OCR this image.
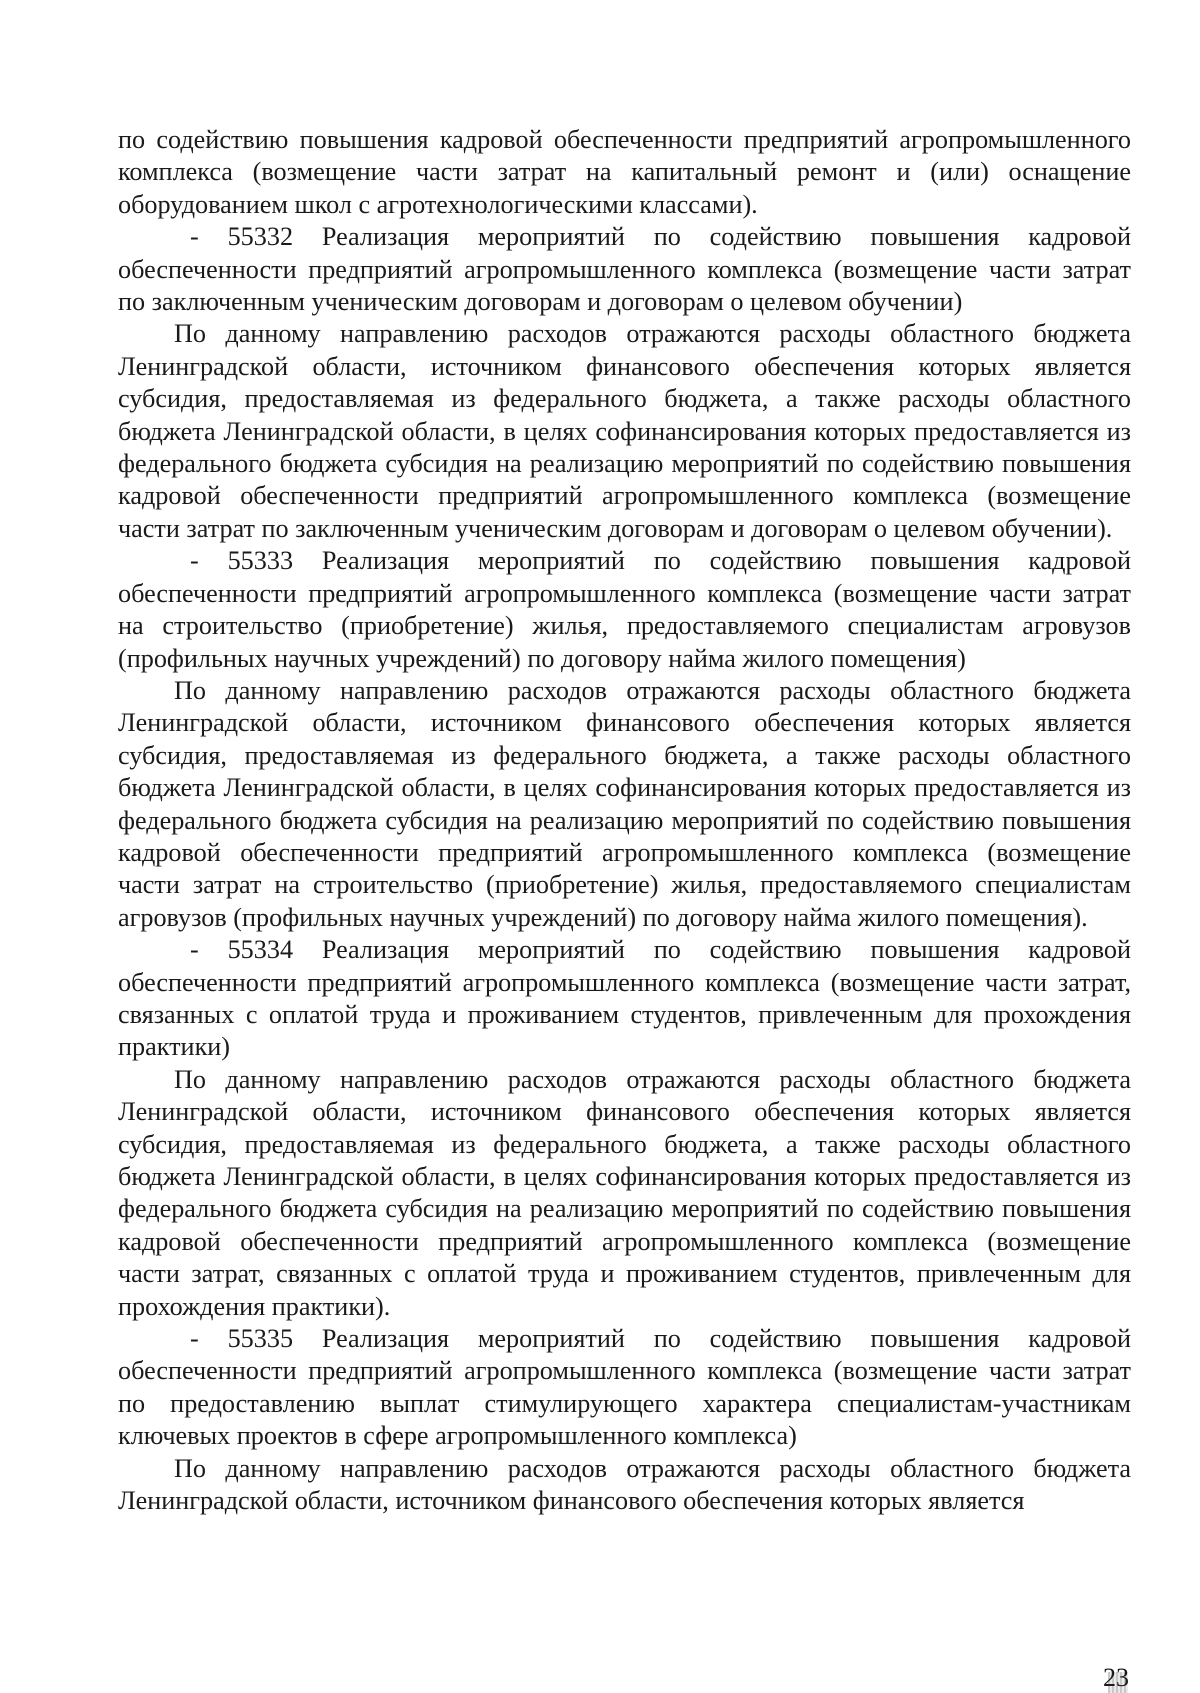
по содействию повышения кадровой обеспеченности предприятий агропромышленного комплекса (возмещение части затрат на капитальный ремонт и (или) оснащение оборудованием школ с агротехнологическими классами).

- 55332 Реализация мероприятий по содействию повышения кадровой обеспеченности предприятий агропромышленного комплекса (возмещение части затрат по заключенным ученическим договорам и договорам о целевом обучении)

По данному направлению расходов отражаются расходы областного бюджета Ленинградской области, источником финансового обеспечения которых является субсидия, предоставляемая из федерального бюджета, а также расходы областного бюджета Ленинградской области, в целях софинансирования которых предоставляется из федерального бюджета субсидия на реализацию мероприятий по содействию повышения кадровой обеспеченности предприятий агропромышленного комплекса (возмещение части затрат по заключенным ученическим договорам и договорам о целевом обучении).

- 55333 Реализация мероприятий по содействию повышения кадровой обеспеченности предприятий агропромышленного комплекса (возмещение части затрат на строительство (приобретение) жилья, предоставляемого специалистам агровузов (профильных научных учреждений) по договору найма жилого помещения)

По данному направлению расходов отражаются расходы областного бюджета Ленинградской области, источником финансового обеспечения которых является субсидия, предоставляемая из федерального бюджета, а также расходы областного бюджета Ленинградской области, в целях софинансирования которых предоставляется из федерального бюджета субсидия на реализацию мероприятий по содействию повышения кадровой обеспеченности предприятий агропромышленного комплекса (возмещение части затрат на строительство (приобретение) жилья, предоставляемого специалистам агровузов (профильных научных учреждений) по договору найма жилого помещения).

- 55334 Реализация мероприятий по содействию повышения кадровой обеспеченности предприятий агропромышленного комплекса (возмещение части затрат, связанных с оплатой труда и проживанием студентов, привлеченным для прохождения практики)

По данному направлению расходов отражаются расходы областного бюджета Ленинградской области, источником финансового обеспечения которых является субсидия, предоставляемая из федерального бюджета, а также расходы областного бюджета Ленинградской области, в целях софинансирования которых предоставляется из федерального бюджета субсидия на реализацию мероприятий по содействию повышения кадровой обеспеченности предприятий агропромышленного комплекса (возмещение части затрат, связанных с оплатой труда и проживанием студентов, привлеченным для прохождения практики).

- 55335 Реализация мероприятий по содействию повышения кадровой обеспеченности предприятий агропромышленного комплекса (возмещение части затрат по предоставлению выплат стимулирующего характера специалистам-участникам ключевых проектов в сфере агропромышленного комплекса)

По данному направлению расходов отражаются расходы областного бюджета Ленинградской области, источником финансового обеспечения которых является

23
